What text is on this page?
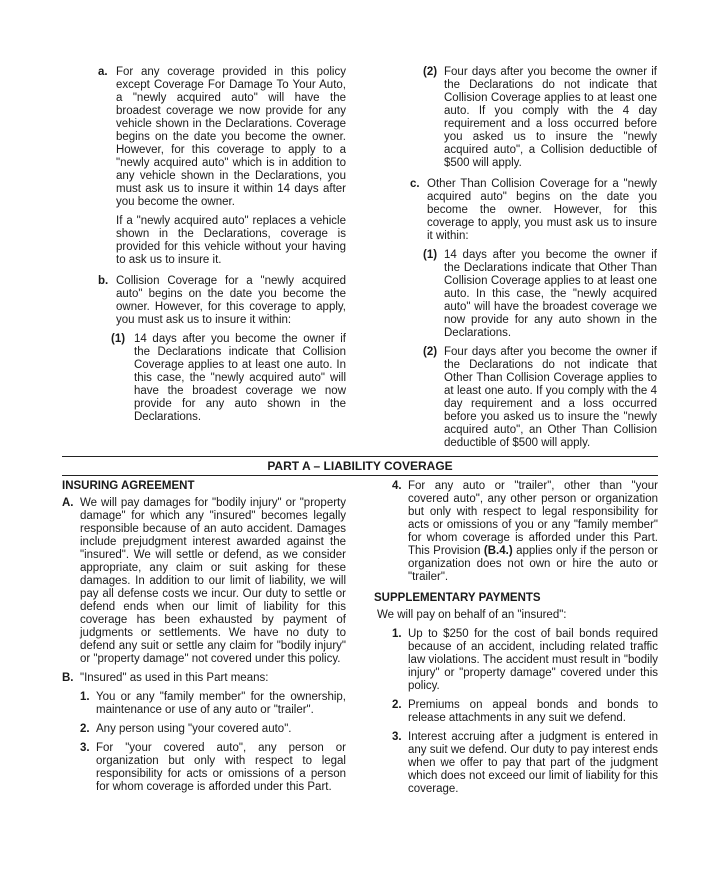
a. For any coverage provided in this policy except Coverage For Damage To Your Auto, a "newly acquired auto" will have the broadest coverage we now provide for any vehicle shown in the Declarations. Coverage begins on the date you become the owner. However, for this coverage to apply to a "newly acquired auto" which is in addition to any vehicle shown in the Declarations, you must ask us to insure it within 14 days after you become the owner.

If a "newly acquired auto" replaces a vehicle shown in the Declarations, coverage is provided for this vehicle without your having to ask us to insure it.

b. Collision Coverage for a "newly acquired auto" begins on the date you become the owner. However, for this coverage to apply, you must ask us to insure it within:
(1) 14 days after you become the owner if the Declarations indicate that Collision Coverage applies to at least one auto. In this case, the "newly acquired auto" will have the broadest coverage we now provide for any auto shown in the Declarations.
(2) Four days after you become the owner if the Declarations do not indicate that Collision Coverage applies to at least one auto. If you comply with the 4 day requirement and a loss occurred before you asked us to insure the "newly acquired auto", a Collision deductible of $500 will apply.
c. Other Than Collision Coverage for a "newly acquired auto" begins on the date you become the owner. However, for this coverage to apply, you must ask us to insure it within:
(1) 14 days after you become the owner if the Declarations indicate that Other Than Collision Coverage applies to at least one auto. In this case, the "newly acquired auto" will have the broadest coverage we now provide for any auto shown in the Declarations.
(2) Four days after you become the owner if the Declarations do not indicate that Other Than Collision Coverage applies to at least one auto. If you comply with the 4 day requirement and a loss occurred before you asked us to insure the "newly acquired auto", an Other Than Collision deductible of $500 will apply.
PART A – LIABILITY COVERAGE

INSURING AGREEMENT

A. We will pay damages for "bodily injury" or "property damage" for which any "insured" becomes legally responsible because of an auto accident. Damages include prejudgment interest awarded against the "insured". We will settle or defend, as we consider appropriate, any claim or suit asking for these damages. In addition to our limit of liability, we will pay all defense costs we incur. Our duty to settle or defend ends when our limit of liability for this coverage has been exhausted by payment of judgments or settlements. We have no duty to defend any suit or settle any claim for "bodily injury" or "property damage" not covered under this policy.
B. "Insured" as used in this Part means:
1. You or any "family member" for the ownership, maintenance or use of any auto or "trailer".
2. Any person using "your covered auto".
3. For "your covered auto", any person or organization but only with respect to legal responsibility for acts or omissions of a person for whom coverage is afforded under this Part.
4. For any auto or "trailer", other than "your covered auto", any other person or organization but only with respect to legal responsibility for acts or omissions of you or any "family member" for whom coverage is afforded under this Part. This Provision (B.4.) applies only if the person or organization does not own or hire the auto or "trailer".

SUPPLEMENTARY PAYMENTS

We will pay on behalf of an "insured":

1. Up to $250 for the cost of bail bonds required because of an accident, including related traffic law violations. The accident must result in "bodily injury" or "property damage" covered under this policy.
2. Premiums on appeal bonds and bonds to release attachments in any suit we defend.
3. Interest accruing after a judgment is entered in any suit we defend. Our duty to pay interest ends when we offer to pay that part of the judgment which does not exceed our limit of liability for this coverage.
